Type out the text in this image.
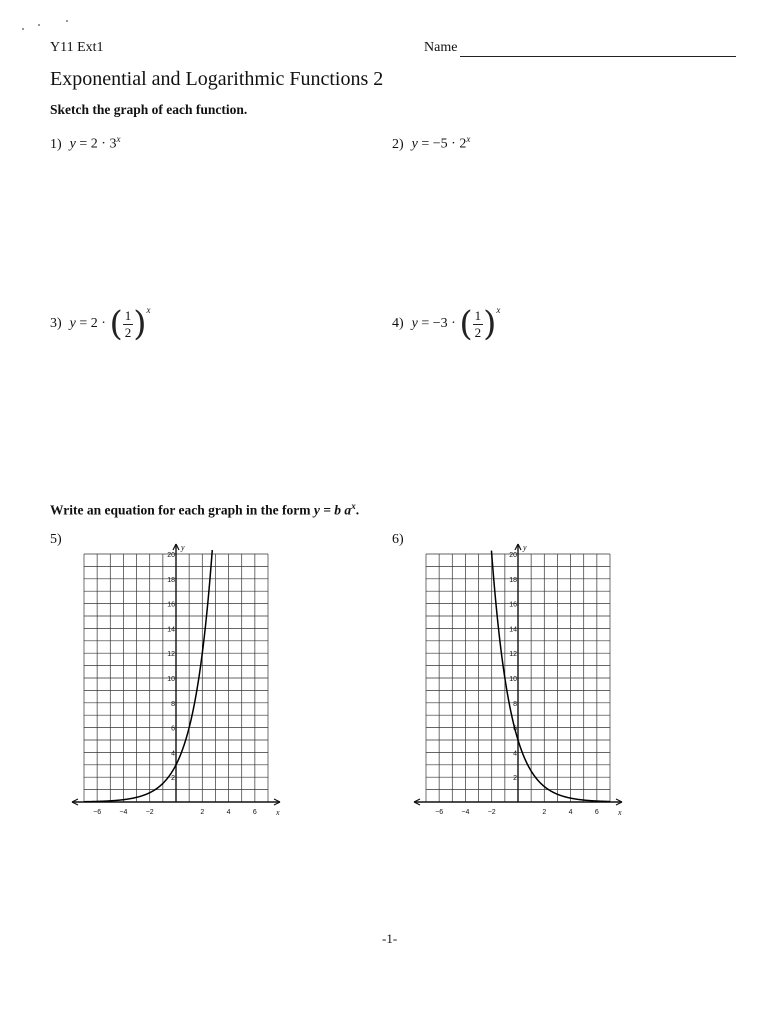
Y11 Ext1	Name
Exponential and Logarithmic Functions 2
Sketch the graph of each function.
1) $y = 2 \cdot 3^x$	2) $y = -5 \cdot 2^x$
3) y = 2 · ( $\frac{1}{2} )^x$
4) y = −3 · ( $\frac{1}{2} )^x$
Write an equation for each graph in the form y = b $a^x$.
5)	6)
−6	−4	−2	2	4	6
2
4
6
8
10
12
14
16
18
20
x
y
−6	−4	−2	2	4	6
2
4
6
8
10
12
14
16
18
20
x
y
-1-
